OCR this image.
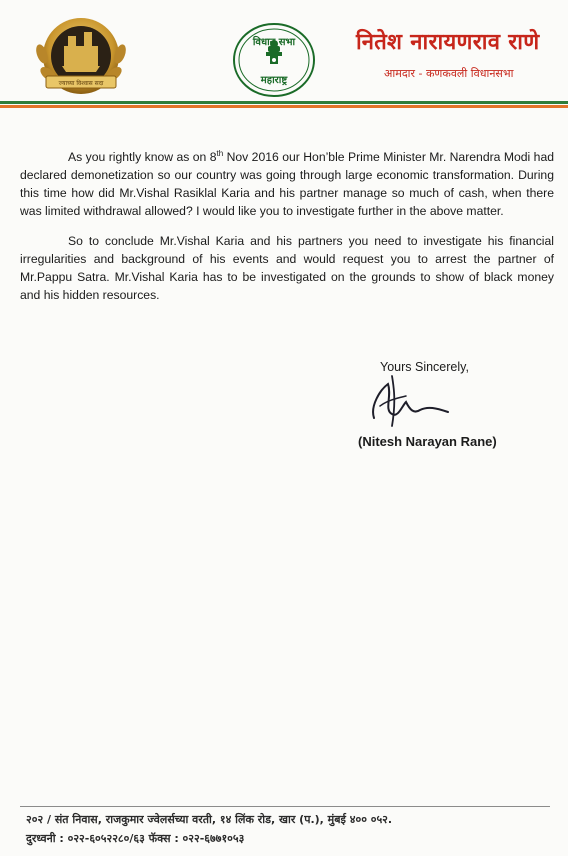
ज्याच्या विश्वास सदा
विधान सभा
महाराष्ट्र
नितेश नारायणराव राणे
आमदार - कणकवली विधानसभा

As you rightly know as on 8th Nov 2016 our Hon’ble Prime Minister Mr. Narendra Modi had declared demonetization so our country was going through large economic transformation. During this time how did Mr.Vishal Rasiklal Karia and his partner manage so much of cash, when there was limited withdrawal allowed? I would like you to investigate further in the above matter.

So to conclude Mr.Vishal Karia and his partners you need to investigate his financial irregularities and background of his events and would request you to arrest the partner of Mr.Pappu Satra. Mr.Vishal Karia has to be investigated on the grounds to show of black money and his hidden resources.

Yours Sincerely,
(Nitesh Narayan Rane)
२०२ / संत निवास, राजकुमार ज्वेलर्सच्या वरती, १४ लिंक रोड, खार (प.), मुंबई ४०० ०५२.
दुरध्वनी : ०२२-६०५२२८०/६३ फॅक्स : ०२२-६७७१०५३
